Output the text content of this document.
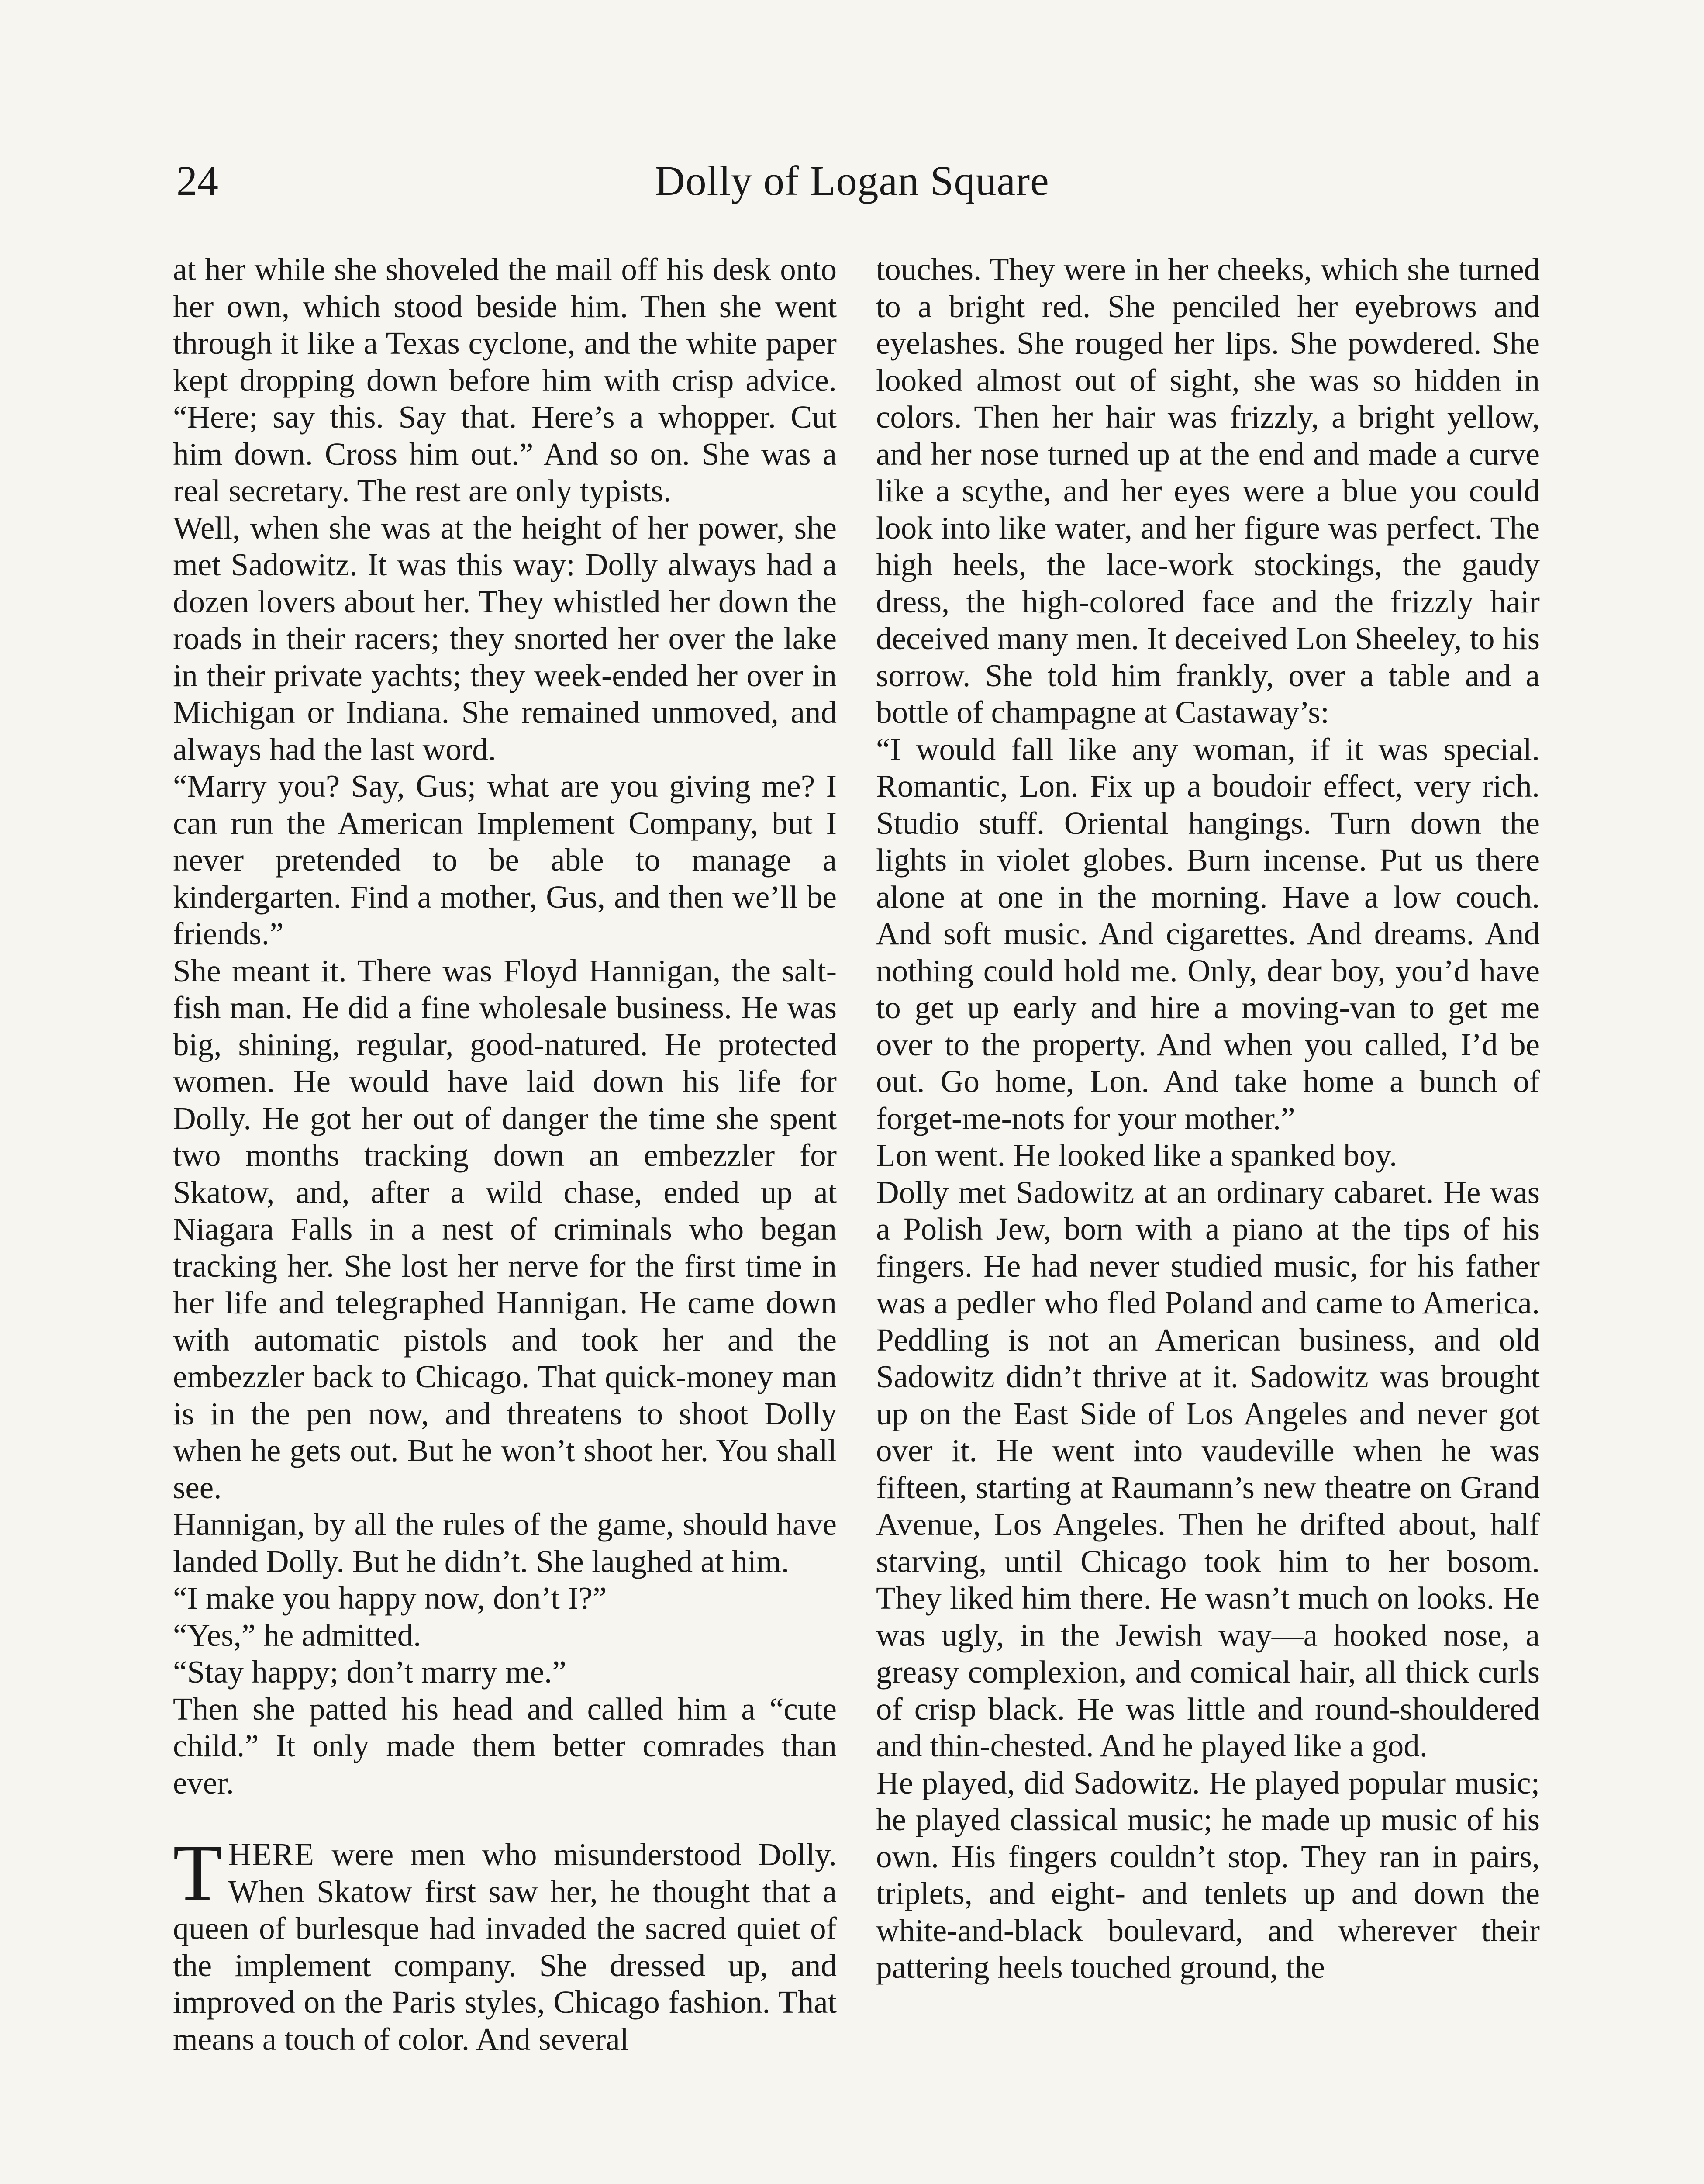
24	Dolly of Logan Square

at her while she shoveled the mail off his desk onto her own, which stood beside him. Then she went through it like a Texas cyclone, and the white paper kept dropping down before him with crisp advice. “Here; say this. Say that. Here’s a whopper. Cut him down. Cross him out.” And so on. She was a real secretary. The rest are only typists.

Well, when she was at the height of her power, she met Sadowitz. It was this way: Dolly always had a dozen lovers about her. They whistled her down the roads in their racers; they snorted her over the lake in their private yachts; they week-ended her over in Michigan or Indiana. She remained unmoved, and always had the last word.

“Marry you? Say, Gus; what are you giving me? I can run the American Implement Company, but I never pretended to be able to manage a kindergarten. Find a mother, Gus, and then we’ll be friends.”

She meant it. There was Floyd Hannigan, the salt-fish man. He did a fine wholesale business. He was big, shining, regular, good-natured. He protected women. He would have laid down his life for Dolly. He got her out of danger the time she spent two months tracking down an embezzler for Skatow, and, after a wild chase, ended up at Niagara Falls in a nest of criminals who began tracking her. She lost her nerve for the first time in her life and telegraphed Hannigan. He came down with automatic pistols and took her and the embezzler back to Chicago. That quick-money man is in the pen now, and threatens to shoot Dolly when he gets out. But he won’t shoot her. You shall see.

Hannigan, by all the rules of the game, should have landed Dolly. But he didn’t. She laughed at him.

“I make you happy now, don’t I?”

“Yes,” he admitted.

“Stay happy; don’t marry me.”

Then she patted his head and called him a “cute child.” It only made them better comrades than ever.

THERE were men who misunderstood Dolly. When Skatow first saw her, he thought that a queen of burlesque had invaded the sacred quiet of the implement company. She dressed up, and improved on the Paris styles, Chicago fashion. That means a touch of color. And several

touches. They were in her cheeks, which she turned to a bright red. She penciled her eyebrows and eyelashes. She rouged her lips. She powdered. She looked almost out of sight, she was so hidden in colors. Then her hair was frizzly, a bright yellow, and her nose turned up at the end and made a curve like a scythe, and her eyes were a blue you could look into like water, and her figure was perfect. The high heels, the lace-work stockings, the gaudy dress, the high-colored face and the frizzly hair deceived many men. It deceived Lon Sheeley, to his sorrow. She told him frankly, over a table and a bottle of champagne at Castaway’s:

“I would fall like any woman, if it was special. Romantic, Lon. Fix up a boudoir effect, very rich. Studio stuff. Oriental hangings. Turn down the lights in violet globes. Burn incense. Put us there alone at one in the morning. Have a low couch. And soft music. And cigarettes. And dreams. And nothing could hold me. Only, dear boy, you’d have to get up early and hire a moving-van to get me over to the property. And when you called, I’d be out. Go home, Lon. And take home a bunch of forget-me-nots for your mother.”

Lon went. He looked like a spanked boy.

Dolly met Sadowitz at an ordinary cabaret. He was a Polish Jew, born with a piano at the tips of his fingers. He had never studied music, for his father was a pedler who fled Poland and came to America. Peddling is not an American business, and old Sadowitz didn’t thrive at it. Sadowitz was brought up on the East Side of Los Angeles and never got over it. He went into vaudeville when he was fifteen, starting at Raumann’s new theatre on Grand Avenue, Los Angeles. Then he drifted about, half starving, until Chicago took him to her bosom. They liked him there. He wasn’t much on looks. He was ugly, in the Jewish way—a hooked nose, a greasy complexion, and comical hair, all thick curls of crisp black. He was little and round-shouldered and thin-chested. And he played like a god.

He played, did Sadowitz. He played popular music; he played classical music; he made up music of his own. His fingers couldn’t stop. They ran in pairs, triplets, and eight- and tenlets up and down the white-and-black boulevard, and wherever their pattering heels touched ground, the
